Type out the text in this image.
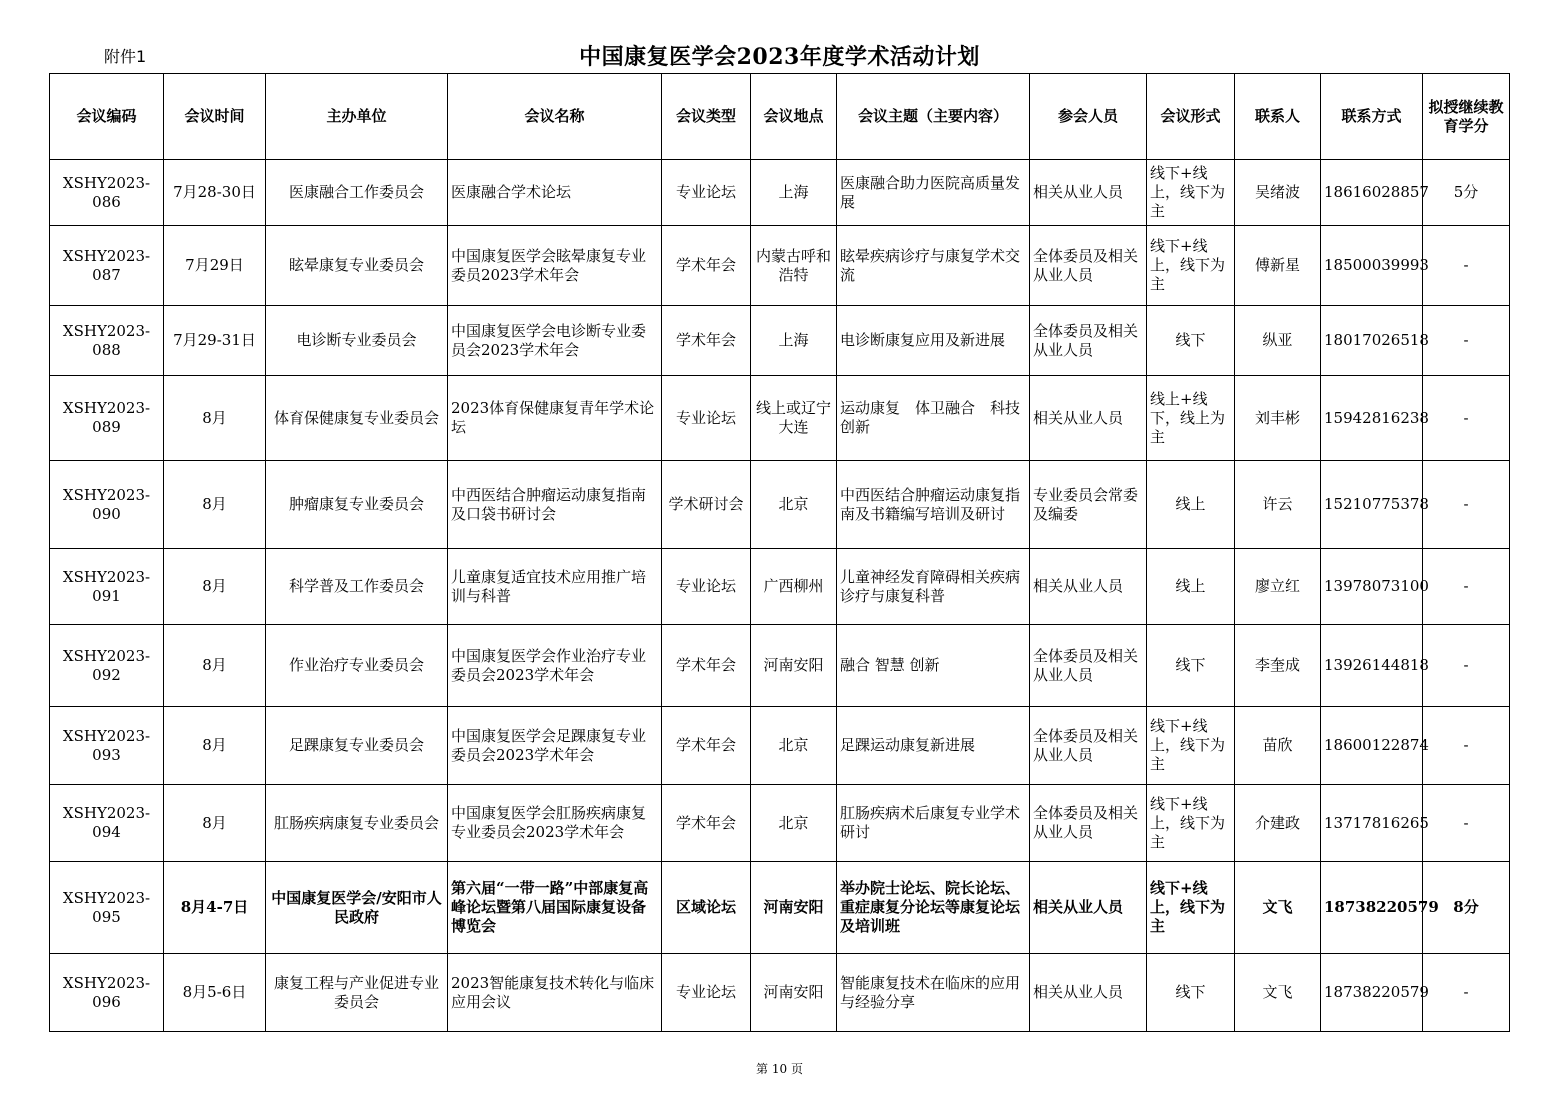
附件1	中国康复医学会2023年度学术活动计划
会议编码	会议时间	主办单位	会议名称	会议类型	会议地点	会议主题（主要内容）	参会人员	会议形式	联系人	联系方式	拟授继续教育学分
XSHY2023-086	7月28-30日	医康融合工作委员会	医康融合学术论坛	专业论坛	上海	医康融合助力医院高质量发展	相关从业人员	线下+线上，线下为主	吴绪波	18616028857	5分
XSHY2023-087	7月29日	眩晕康复专业委员会	中国康复医学会眩晕康复专业委员2023学术年会	学术年会	内蒙古呼和浩特	眩晕疾病诊疗与康复学术交流	全体委员及相关从业人员	线下+线上，线下为主	傅新星	18500039993	-
XSHY2023-088	7月29-31日	电诊断专业委员会	中国康复医学会电诊断专业委员会2023学术年会	学术年会	上海	电诊断康复应用及新进展	全体委员及相关从业人员	线下	纵亚	18017026518	-
XSHY2023-089	8月	体育保健康复专业委员会	2023体育保健康复青年学术论坛	专业论坛	线上或辽宁大连	运动康复　体卫融合　科技创新	相关从业人员	线上+线下，线上为主	刘丰彬	15942816238	-
XSHY2023-090	8月	肿瘤康复专业委员会	中西医结合肿瘤运动康复指南及口袋书研讨会	学术研讨会	北京	中西医结合肿瘤运动康复指南及书籍编写培训及研讨	专业委员会常委及编委	线上	许云	15210775378	-
XSHY2023-091	8月	科学普及工作委员会	儿童康复适宜技术应用推广培训与科普	专业论坛	广西柳州	儿童神经发育障碍相关疾病诊疗与康复科普	相关从业人员	线上	廖立红	13978073100	-
XSHY2023-092	8月	作业治疗专业委员会	中国康复医学会作业治疗专业委员会2023学术年会	学术年会	河南安阳	融合 智慧 创新	全体委员及相关从业人员	线下	李奎成	13926144818	-
XSHY2023-093	8月	足踝康复专业委员会	中国康复医学会足踝康复专业委员会2023学术年会	学术年会	北京	足踝运动康复新进展	全体委员及相关从业人员	线下+线上，线下为主	苗欣	18600122874	-
XSHY2023-094	8月	肛肠疾病康复专业委员会	中国康复医学会肛肠疾病康复专业委员会2023学术年会	学术年会	北京	肛肠疾病术后康复专业学术研讨	全体委员及相关从业人员	线下+线上，线下为主	介建政	13717816265	-
XSHY2023-095	8月4-7日	中国康复医学会/安阳市人民政府	第六届“一带一路”中部康复高峰论坛暨第八届国际康复设备博览会	区域论坛	河南安阳	举办院士论坛、院长论坛、重症康复分论坛等康复论坛及培训班	相关从业人员	线下+线上，线下为主	文飞	18738220579	8分
XSHY2023-096	8月5-6日	康复工程与产业促进专业委员会	2023智能康复技术转化与临床应用会议	专业论坛	河南安阳	智能康复技术在临床的应用与经验分享	相关从业人员	线下	文飞	18738220579	-
第 10 页
